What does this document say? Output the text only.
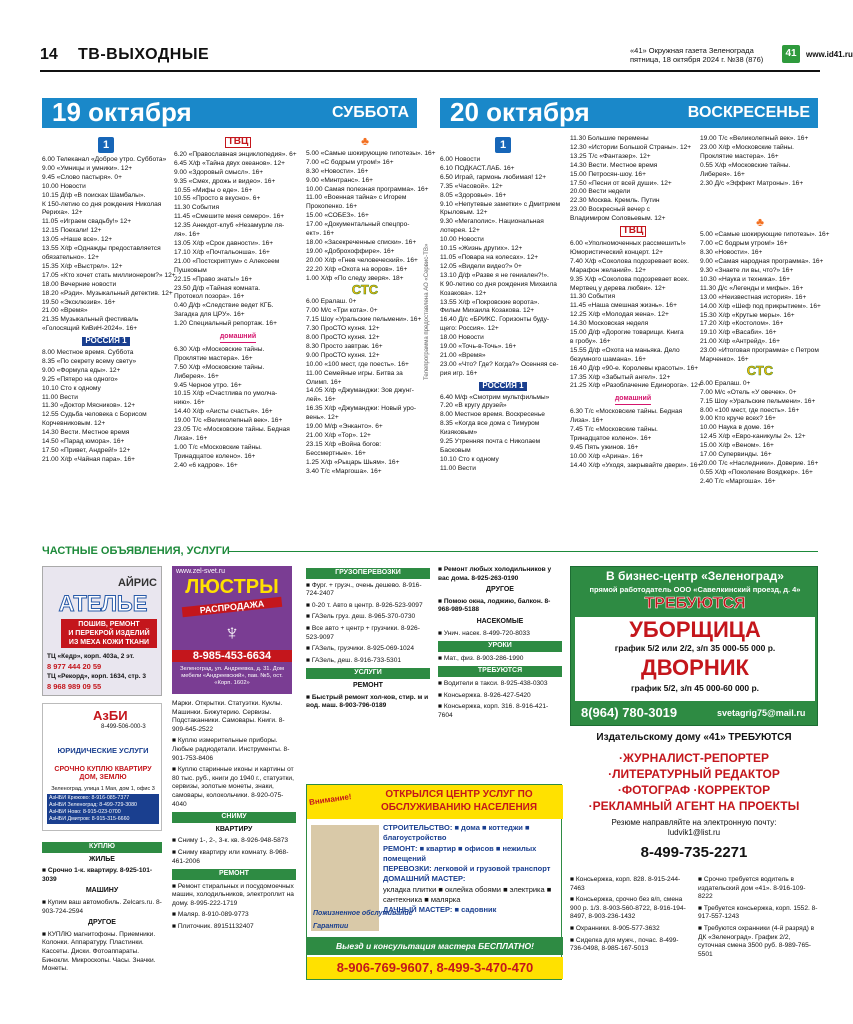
14 ТВ-ВЫХОДНЫЕ	«41» Окружная газета Зеленограда
пятница, 18 октября 2024 г. №38 (876)
41	www.id41.ru
19 октября	СУББОТА 20 октября	ВОСКРЕСЕНЬЕ
1
6.00 Телеканал «Доброе утро. Суббота»
9.00 «Умницы и умники». 12+
9.45 «Слово пастыря». 0+
10.00 Новости
10.15 Д/ф «В поисках Шамбалы».
К 150-летию со дня рождения Николая
Рериха». 12+
11.05 «Играем свадьбу!» 12+
12.15 Поехали! 12+
13.05 «Наше все». 12+
13.55 Х/ф «Однажды предоставляется
обязательно». 12+
15.35 Х/ф «Выстрел». 12+
17.05 «Кто хочет стать миллионером?» 12+
18.00 Вечерние новости
18.20 «Рэди». Музыкальный детектив. 12+
19.50 «Эксклюзив». 16+
21.00 «Время»
21.35 Музыкальный фестиваль
«Голосящий КиВиН-2024». 16+
РОССИЯ 1
8.00 Местное время. Суббота
8.35 «По секрету всему свету»
9.00 «Формула еды». 12+
9.25 «Пятеро на одного»
10.10 Сто к одному
11.00 Вести
11.30 «Доктор Мясников». 12+
12.55 Судьба человека с Борисом
Корчевниковым. 12+
14.30 Вести. Местное время
14.50 «Парад юмора». 16+
17.50 «Привет, Андрей!» 12+
21.00 Х/ф «Чайная пара». 16+
ТВЦ
6.20 «Православная энциклопедия». 6+
6.45 Х/ф «Тайна двух океанов». 12+
9.00 «Здоровый смысл». 16+
9.35 «Смех, дрожь и видео». 16+
10.55 «Мифы о еде». 16+
10.55 «Просто в вкусно». 6+
11.30 События
11.45 «Смешите меня семеро». 16+
12.35 Анекдот-клуб «Незамурле ля-
ля». 16+
13.05 Х/ф «Срок давности». 16+
17.10 Х/ф «Почтальонша». 16+
21.00 «Постскриптум» с Алексеем
Пушковым
22.15 «Право знать!» 16+
23.50 Д/ф «Тайная комната.
Протокол позора». 16+
0.40 Д/ф «Следствие ведет КГБ.
Загадка для ЦРУ». 16+
1.20 Специальный репортаж. 16+
домашний
6.30 Х/ф «Московские тайны.
Проклятие мастера». 16+
7.50 Х/ф «Московские тайны.
Либерея». 16+
9.45 Черное утро. 16+
10.15 Х/ф «Счастлива по умолча-
нию». 16+
14.40 Х/ф «Аисты счастья». 16+
19.00 Т/с «Великолепный век». 16+
23.05 Т/с «Московские тайны. Бедная
Лиза». 16+
1.00 Т/с «Московские тайны.
Тринадцатое колено». 16+
2.40 «6 кадров». 16+
♣
5.00 «Самые шокирующие гипотезы». 16+
7.00 «С бодрым утром!» 16+
8.30 «Новости». 16+
9.00 «Минтранс». 16+
10.00 Самая полезная программа». 16+
11.00 «Военная тайна» с Игорем
Прокопенко. 16+
15.00 «СОБЕЗ». 16+
17.00 «Документальный спецпро-
ект». 16+
18.00 «Засекреченные списки». 16+
19.00 «Доброхоффире». 16+
20.00 Х/ф «Гнев человеческий». 16+
22.20 Х/ф «Охота на воров». 16+
1.00 Х/ф «По следу зверя». 18+
СТС
6.00 Ералаш. 0+
7.00 М/с «Три кота». 0+
7.15 Шоу «Уральские пельмени». 16+
7.30 ПроСТО кухня. 12+
8.00 ПроСТО кухня. 12+
8.30 Просто завтрак. 16+
9.00 ПроСТО кухня. 12+
10.00 «100 мест, где поесть». 16+
11.00 Семейные игры. Битва за
Олимп. 16+
14.05 Х/ф «Джуманджи: Зов джунг-
лей». 16+
16.35 Х/ф «Джуманджи: Новый уро-
вень». 12+
19.00 М/ф «Энканто». 6+
21.00 Х/ф «Тор». 12+
23.15 Х/ф «Война богов:
Бессмертные». 16+
1.25 Х/ф «Рыцарь Шьям». 16+
3.40 Т/с «Маргоша». 16+
Телепрограмма предоставлена АО «Сервис-ТВ»
1
6.00 Новости
6.10 ПОДКАСТ.ЛАБ. 16+
6.50 Играй, гармонь любимая! 12+
7.35 «Часовой». 12+
8.05 «Здоровье». 16+
9.10 «Непутевые заметки» с Дмитрием
Крыловым. 12+
9.30 «Мегаполис». Национальная
лотерея. 12+
10.00 Новости
10.15 «Жизнь других». 12+
11.05 «Повара на колесах». 12+
12.05 «Видели видео?» 0+
13.10 Д/ф «Разве я не гениален?!».
К 90-летию со дня рождения Михаила
Козакова». 12+
13.55 Х/ф «Покровские ворота».
Фильм Михаила Козакова. 12+
16.40 Д/с «БРИКС. Горизонты буду-
щего: Россия». 12+
18.00 Новости
19.00 «Точь-в-Точь». 16+
21.00 «Время»
23.00 «Что? Где? Когда?» Осенняя се-
рия игр. 16+
РОССИЯ 1
6.40 М/ф «Смотрим мультфильмы»
7.20 «В кругу друзей»
8.00 Местное время. Воскресенье
8.35 «Когда все дома с Тимуром
Кизяковым»
9.25 Утренняя почта с Николаем
Басковым
10.10 Сто к одному
11.00 Вести
11.30 Большие перемены
12.30 «Истории Большой Страны». 12+
13.25 Т/с «Фантазер». 12+
14.30 Вести. Местное время
15.00 Петросян-шоу. 16+
17.50 «Песни от всей души». 12+
20.00 Вести недели
22.30 Москва. Кремль. Путин
23.00 Воскресный вечер с
Владимиром Соловьевым. 12+
ТВЦ
6.00 «Уполномоченных рассмешить!»
Юмористический концерт. 12+
7.40 Х/ф «Соколова подозревает всех.
Марафон желаний». 12+
9.35 Х/ф «Соколова подозревает всех.
Мертвец у дерева любви». 12+
11.30 События
11.45 «Наша смешная жизнь». 16+
12.25 Х/ф «Молодая жена». 12+
14.30 Московская неделя
15.00 Д/ф «Дорогие товарищи. Книга
в гробу». 16+
15.55 Д/ф «Охота на маньяка. Дело
безумного шамана». 16+
16.40 Д/ф «90-е. Королевы красоты». 16+
17.35 Х/ф «Забытый ангел». 12+
21.25 Х/ф «Разоблачение Единорога». 12+
домашний
6.30 Т/с «Московские тайны. Бедная
Лиза». 16+
7.45 Т/с «Московские тайны.
Тринадцатое колено». 16+
9.45 Пять ужинов. 16+
10.00 Х/ф «Арина». 16+
14.40 Х/ф «Уходя, закрывайте двери». 16+
19.00 Т/с «Великолепный век». 16+
23.00 Х/ф «Московские тайны.
Проклятие мастера». 16+
0.55 Х/ф «Московские тайны.
Либерея». 16+
2.30 Д/с «Эффект Матроны». 16+
♣
5.00 «Самые шокирующие гипотезы». 16+
7.00 «С бодрым утром!» 16+
8.30 «Новости». 16+
9.00 «Самая народная программа». 16+
9.30 «Знаете ли вы, что?» 16+
10.30 «Наука и техника». 16+
11.30 Д/с «Легенды и мифы». 16+
13.00 «Неизвестная история». 16+
14.00 Х/ф «Шеф под прикрытием». 16+
15.30 Х/ф «Крутые меры». 16+
17.20 Х/ф «Костолом». 16+
19.10 Х/ф «Васаби». 16+
21.00 Х/ф «Антрейд». 16+
23.00 «Итоговая программа» с Петром
Марченко». 16+
СТС
6.00 Ералаш. 0+
7.00 М/с «Отель «У овечек». 0+
7.15 Шоу «Уральские пельмени». 16+
8.00 «100 мест, где поесть». 16+
9.00 Кто круче всех? 16+
10.00 Наука в доме. 16+
12.45 Х/ф «Евро-каникулы 2». 12+
15.00 Х/ф «Веном». 16+
17.00 Супервинды. 16+
20.00 Т/с «Наследники». Доверие. 16+
0.55 Х/ф «Поколение Вояджер». 16+
2.40 Т/с «Маргоша». 16+
ЧАСТНЫЕ ОБЪЯВЛЕНИЯ, УСЛУГИ
АЙРИС
АТЕЛЬЕ
ПОШИВ, РЕМОНТ
И ПЕРЕКРОЙ ИЗДЕЛИЙ
ИЗ МЕХА КОЖИ ТКАНИ
ТЦ «Кедр», корп. 403а, 2 эт.
8 977 444 20 59
ТЦ «Рекорд», корп. 1634, стр. 3
8 968 989 09 55
www.zel-svet.ru
ЛЮСТРЫ
РАСПРОДАЖА
♆
8-985-453-6634
Зеленоград, ул. Андреевка, д. 31. Дом мебели «Андреевский», пав. №5, ост. «Корп. 1602»
АзБИ
8-499-506-000-3
ЮРИДИЧЕСКИЕ УСЛУГИ
СРОЧНО КУПЛЮ КВАРТИРУ ДОМ, ЗЕМЛЮ
Зеленоград, улица 1 Мая, дом 1, офис 3
АзНБИ Крюково: 8-916-085-7377
АзНБИ Зеленоград: 8-499-729-3080
АзНБИ Ново: 8-915-023-0700
АзНБИ Дмитров: 8-915-315-6660
КУПЛЮ
ЖИЛЬЕ
■ Срочно 1-к. квартиру. 8-925-101-3039
МАШИНУ
■ Купим ваш автомобиль. Zelcars.ru. 8-903-724-2594
ДРУГОЕ
■ КУПЛЮ магнитофоны. Приемники. Колонки. Аппаратуру. Пластинки. Кассеты. Диски. Фотоаппараты. Бинокли. Микроскопы. Часы. Значки. Монеты.
Марки. Открытки. Статуэтки. Куклы. Машинки. Бижутерию. Сервизы. Подстаканники. Самовары. Книги. 8-909-645-2522
■ Куплю измерительные приборы. Любые радиодетали. Инструменты. 8-901-753-8406
■ Куплю старинные иконы и картины от 80 тыс. руб., книги до 1940 г., статуэтки, сервизы, золотые монеты, знаки, самовары, колокольчики. 8-920-075-4040
СНИМУ
КВАРТИРУ
■ Сниму 1-, 2-, 3-к. кв. 8-926-948-5873
■ Сниму квартиру или комнату. 8-968-461-2006
РЕМОНТ
■ Ремонт стиральных и посудомоечных машин, холодильников, электроплит на дому. 8-995-222-1719
■ Маляр. 8-910-089-9773
■ Плиточник. 89151132407
ГРУЗОПЕРЕВОЗКИ
■ Фург. + грузч., очень дешево. 8-916-724-2407
■ 0-20 т. Авто в центр. 8-926-523-9097
■ ГАЗель груз. деш. 8-965-370-0730
■ Все авто + центр + грузчики. 8-926-523-9097
■ ГАЗель, грузчики. 8-925-069-1024
■ ГАЗель, деш. 8-916-733-5301
УСЛУГИ
РЕМОНТ
■ Быстрый ремонт хол-ков, стир. м и вод. маш. 8-903-796-0189
■ Ремонт любых холодильников у вас дома. 8-925-263-0190
ДРУГОЕ
■ Помою окна, лоджию, балкон. 8-968-989-5188
НАСЕКОМЫЕ
■ Унич. насек. 8-499-720-8033
УРОКИ
■ Мат., физ. 8-903-286-1990
ТРЕБУЮТСЯ
■ Водители в такси. 8-925-438-0303
■ Консьержка. 8-926-427-5420
■ Консьержка, корп. 316. 8-916-421-7604
Внимание!	ОТКРЫЛСЯ ЦЕНТР УСЛУГ ПО ОБСЛУЖИВАНИЮ НАСЕЛЕНИЯ
СТРОИТЕЛЬСТВО: ■ дома ■ коттеджи ■ благоустройство
РЕМОНТ: ■ квартир ■ офисов ■ нежилых помещений
ПЕРЕВОЗКИ: легковой и грузовой транспорт
ДОМАШНИЙ МАСТЕР:
укладка плитки ■ оклейка обоями ■ электрика ■ сантехника ■ малярка
ДАЧНЫЙ МАСТЕР: ■ садовник
Пожизненное обслуживание
Гарантии
Выезд и консультация мастера БЕСПЛАТНО!
8-906-769-9607, 8-499-3-470-470
В бизнес-центр «Зеленоград»
прямой работодатель ООО «Савелкинский проезд, д. 4»
ТРЕБУЮТСЯ
УБОРЩИЦА
график 5/2 или 2/2, з/п 35 000-55 000 р.
ДВОРНИК
график 5/2, з/п 45 000-60 000 р.
8(964) 780-3019	svetagrig75@mail.ru
Издательскому дому «41» ТРЕБУЮТСЯ
·ЖУРНАЛИСТ-РЕПОРТЕР
·ЛИТЕРАТУРНЫЙ РЕДАКТОР
·ФОТОГРАФ ·КОРРЕКТОР
·РЕКЛАМНЫЙ АГЕНТ НА ПРОЕКТЫ
Резюме направляйте на электронную почту: ludvik1@list.ru
8-499-735-2271
■ Консьержка, корп. 828. 8-915-244-7463
■ Консьержка, срочно без в/п, смена 900 р. 1/3. 8-903-560-8722, 8-916-194-8497, 8-903-236-1432
■ Охранники. 8-905-577-3632
■ Сиделка для мужч., почас. 8-499-736-0498, 8-985-167-5013
■ Срочно требуется водитель в издательский дом «41». 8-916-109-8222
■ Требуется консьержка, корп. 1552. 8-917-557-1243
■ Требуются охранники (4-й разряд) в ДК «Зеленоград». График 2/2, суточная смена 3500 руб. 8-989-765-5501
